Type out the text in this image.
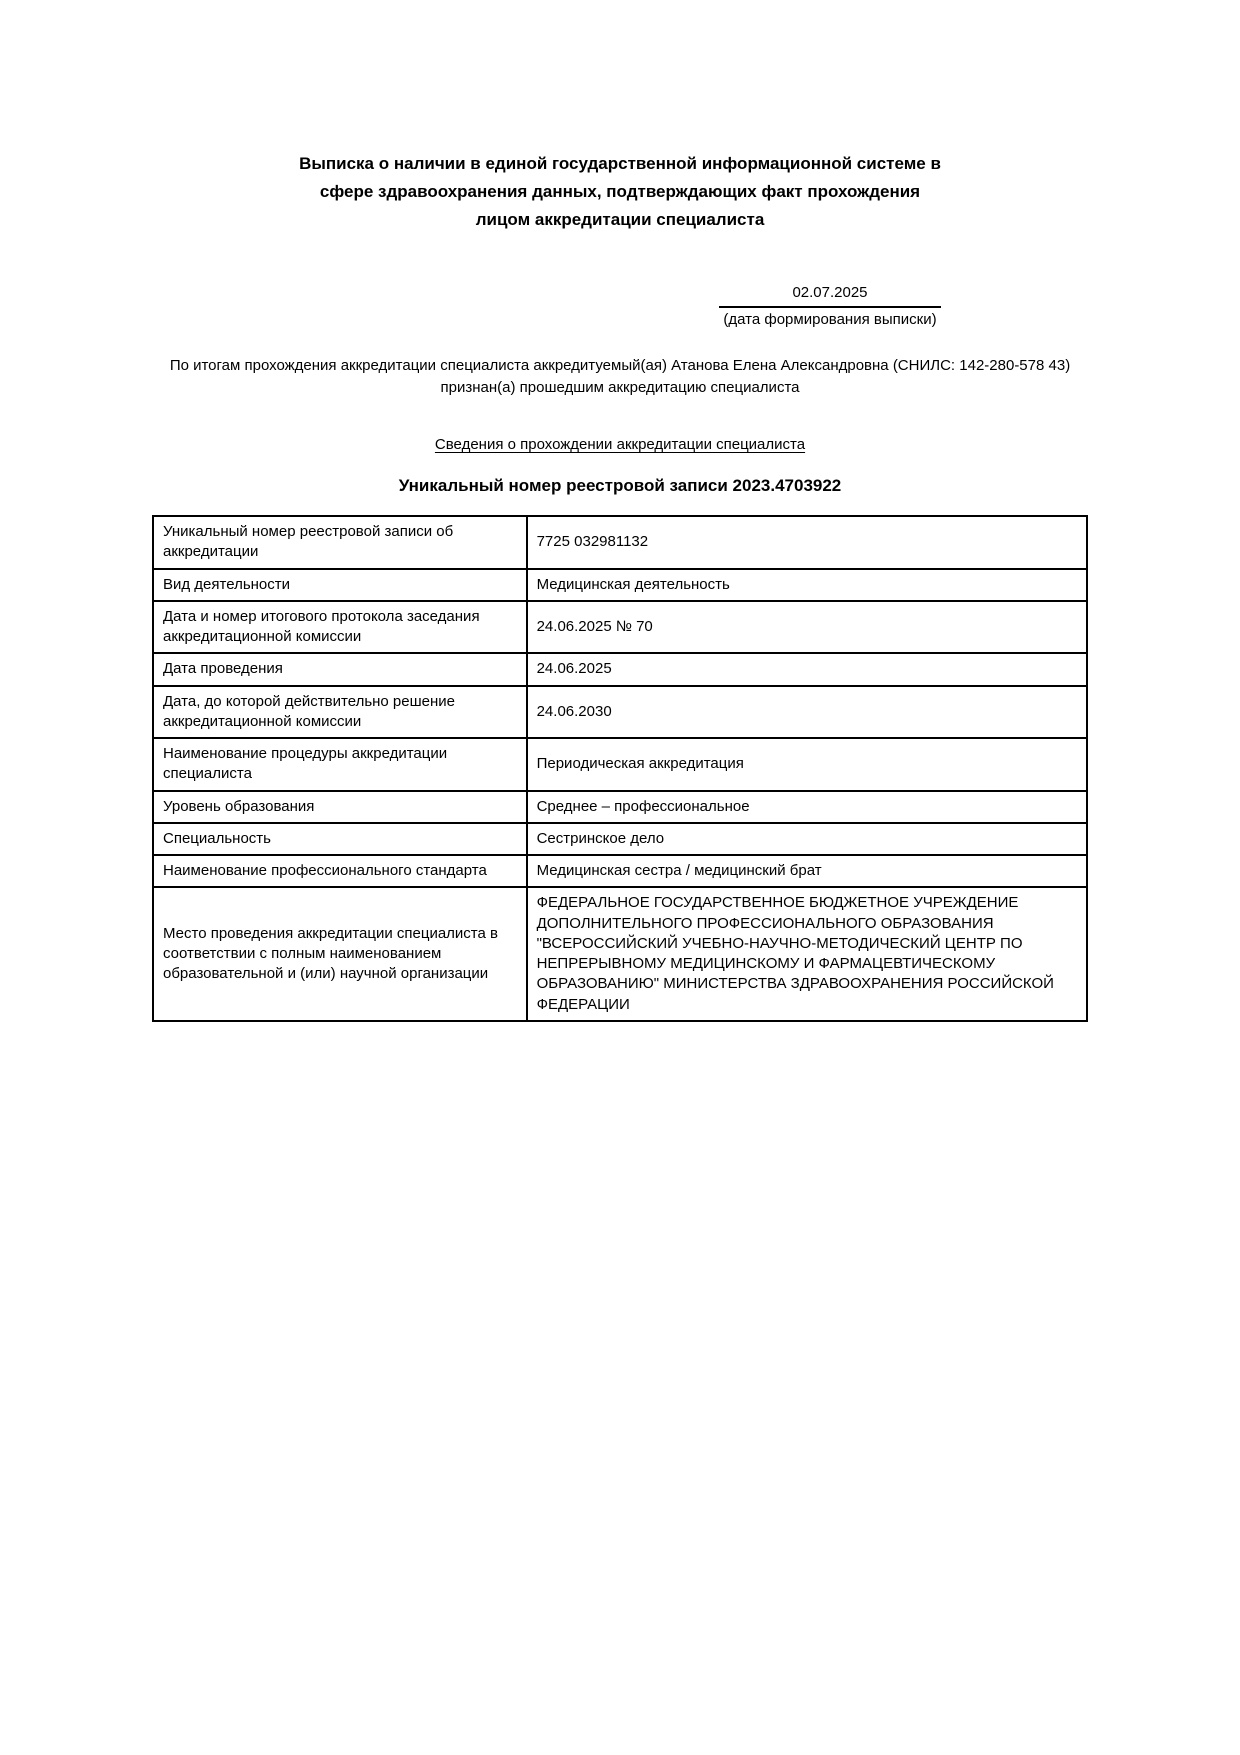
Выписка о наличии в единой государственной информационной системе в сфере здравоохранения данных, подтверждающих факт прохождения лицом аккредитации специалиста
02.07.2025
(дата формирования выписки)

По итогам прохождения аккредитации специалиста аккредитуемый(ая) Атанова Елена Александровна (СНИЛС: 142-280-578 43) признан(а) прошедшим аккредитацию специалиста

Сведения о прохождении аккредитации специалиста
Уникальный номер реестровой записи 2023.4703922
Уникальный номер реестровой записи об аккредитации	7725 032981132
Вид деятельности	Медицинская деятельность
Дата и номер итогового протокола заседания аккредитационной комиссии	24.06.2025 № 70
Дата проведения	24.06.2025
Дата, до которой действительно решение аккредитационной комиссии	24.06.2030
Наименование процедуры аккредитации специалиста	Периодическая аккредитация
Уровень образования	Среднее – профессиональное
Специальность	Сестринское дело
Наименование профессионального стандарта	Медицинская сестра / медицинский брат
Место проведения аккредитации специалиста в соответствии с полным наименованием образовательной и (или) научной организации	ФЕДЕРАЛЬНОЕ ГОСУДАРСТВЕННОЕ БЮДЖЕТНОЕ УЧРЕЖДЕНИЕ ДОПОЛНИТЕЛЬНОГО ПРОФЕССИОНАЛЬНОГО ОБРАЗОВАНИЯ "ВСЕРОССИЙСКИЙ УЧЕБНО-НАУЧНО-МЕТОДИЧЕСКИЙ ЦЕНТР ПО НЕПРЕРЫВНОМУ МЕДИЦИНСКОМУ И ФАРМАЦЕВТИЧЕСКОМУ ОБРАЗОВАНИЮ" МИНИСТЕРСТВА ЗДРАВООХРАНЕНИЯ РОССИЙСКОЙ ФЕДЕРАЦИИ
